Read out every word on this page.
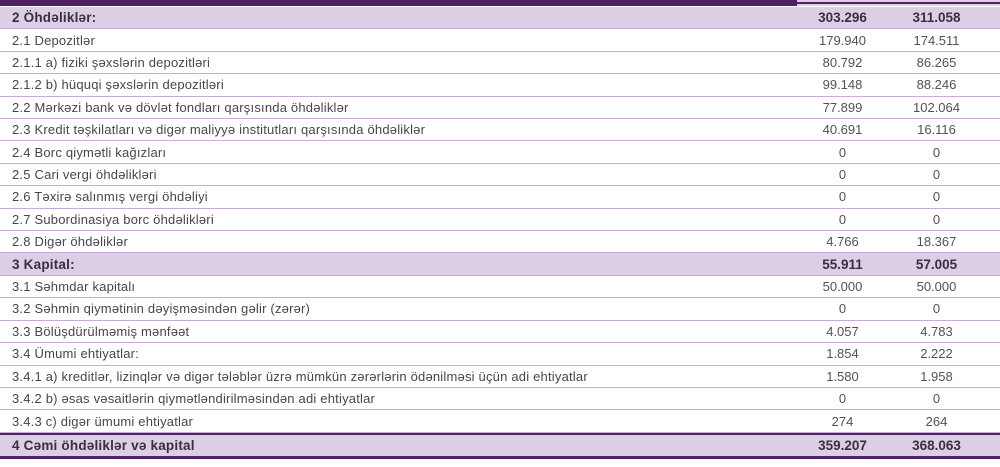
2 Öhdəliklər:	303.296	311.058
2.1 Depozitlər	179.940	174.511
2.1.1 a) fiziki şəxslərin depozitləri	80.792	86.265
2.1.2 b) hüquqi şəxslərin depozitləri	99.148	88.246
2.2 Mərkəzi bank və dövlət fondları qarşısında öhdəliklər	77.899	102.064
2.3 Kredit təşkilatları və digər maliyyə institutları qarşısında öhdəliklər	40.691	16.116
2.4 Borc qiymətli kağızları	0	0
2.5 Cari vergi öhdəlikləri	0	0
2.6 Təxirə salınmış vergi öhdəliyi	0	0
2.7 Subordinasiya borc öhdəlikləri	0	0
2.8 Digər öhdəliklər	4.766	18.367
3 Kapital:	55.911	57.005
3.1 Səhmdar kapitalı	50.000	50.000
3.2 Səhmin qiymətinin dəyişməsindən gəlir (zərər)	0	0
3.3 Bölüşdürülməmiş mənfəət	4.057	4.783
3.4 Ümumi ehtiyatlar:	1.854	2.222
3.4.1 a) kreditlər, lizinqlər və digər tələblər üzrə mümkün zərərlərin ödənilməsi üçün adi ehtiyatlar	1.580	1.958
3.4.2 b) əsas vəsaitlərin qiymətləndirilməsindən adi ehtiyatlar	0	0
3.4.3 c) digər ümumi ehtiyatlar	274	264
4 Cəmi öhdəliklər və kapital	359.207	368.063
